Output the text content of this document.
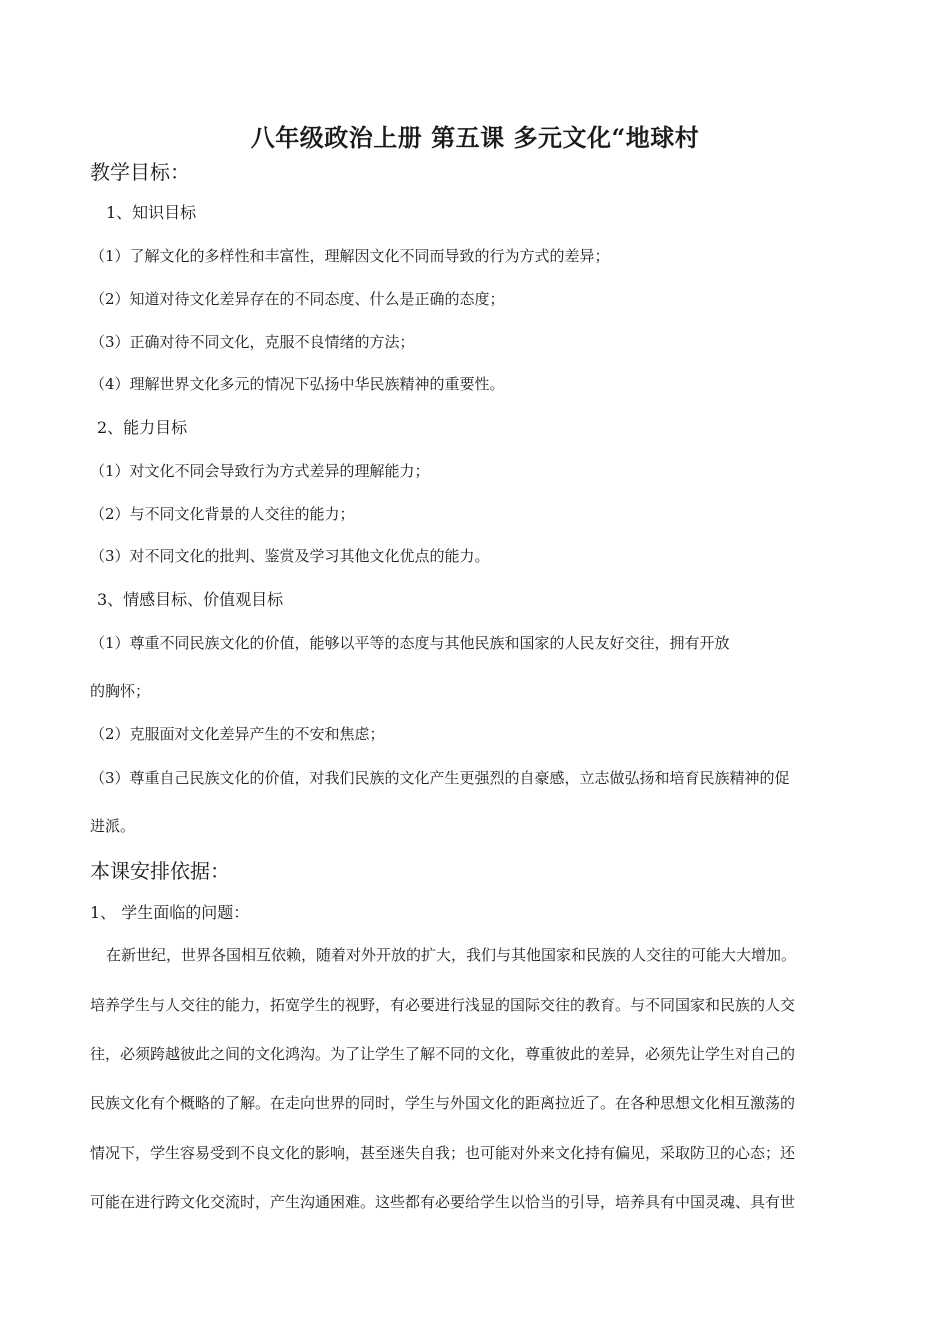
八年级政治上册 第五课 多元文化“地球村
教学目标：
1、知识目标
（1）了解文化的多样性和丰富性，理解因文化不同而导致的行为方式的差异；
（2）知道对待文化差异存在的不同态度、什么是正确的态度；
（3）正确对待不同文化，克服不良情绪的方法；
（4）理解世界文化多元的情况下弘扬中华民族精神的重要性。
2、能力目标
（1）对文化不同会导致行为方式差异的理解能力；
（2）与不同文化背景的人交往的能力；
（3）对不同文化的批判、鉴赏及学习其他文化优点的能力。
3、情感目标、价值观目标
（1）尊重不同民族文化的价值，能够以平等的态度与其他民族和国家的人民友好交往，拥有开放
的胸怀；
（2）克服面对文化差异产生的不安和焦虑；
（3）尊重自己民族文化的价值，对我们民族的文化产生更强烈的自豪感，立志做弘扬和培育民族精神的促
进派。
本课安排依据：
1、 学生面临的问题：
在新世纪，世界各国相互依赖，随着对外开放的扩大，我们与其他国家和民族的人交往的可能大大增加。
培养学生与人交往的能力，拓宽学生的视野，有必要进行浅显的国际交往的教育。与不同国家和民族的人交
往，必须跨越彼此之间的文化鸿沟。为了让学生了解不同的文化，尊重彼此的差异，必须先让学生对自己的
民族文化有个概略的了解。在走向世界的同时，学生与外国文化的距离拉近了。在各种思想文化相互激荡的
情况下，学生容易受到不良文化的影响，甚至迷失自我；也可能对外来文化持有偏见，采取防卫的心态；还
可能在进行跨文化交流时，产生沟通困难。这些都有必要给学生以恰当的引导，培养具有中国灵魂、具有世
